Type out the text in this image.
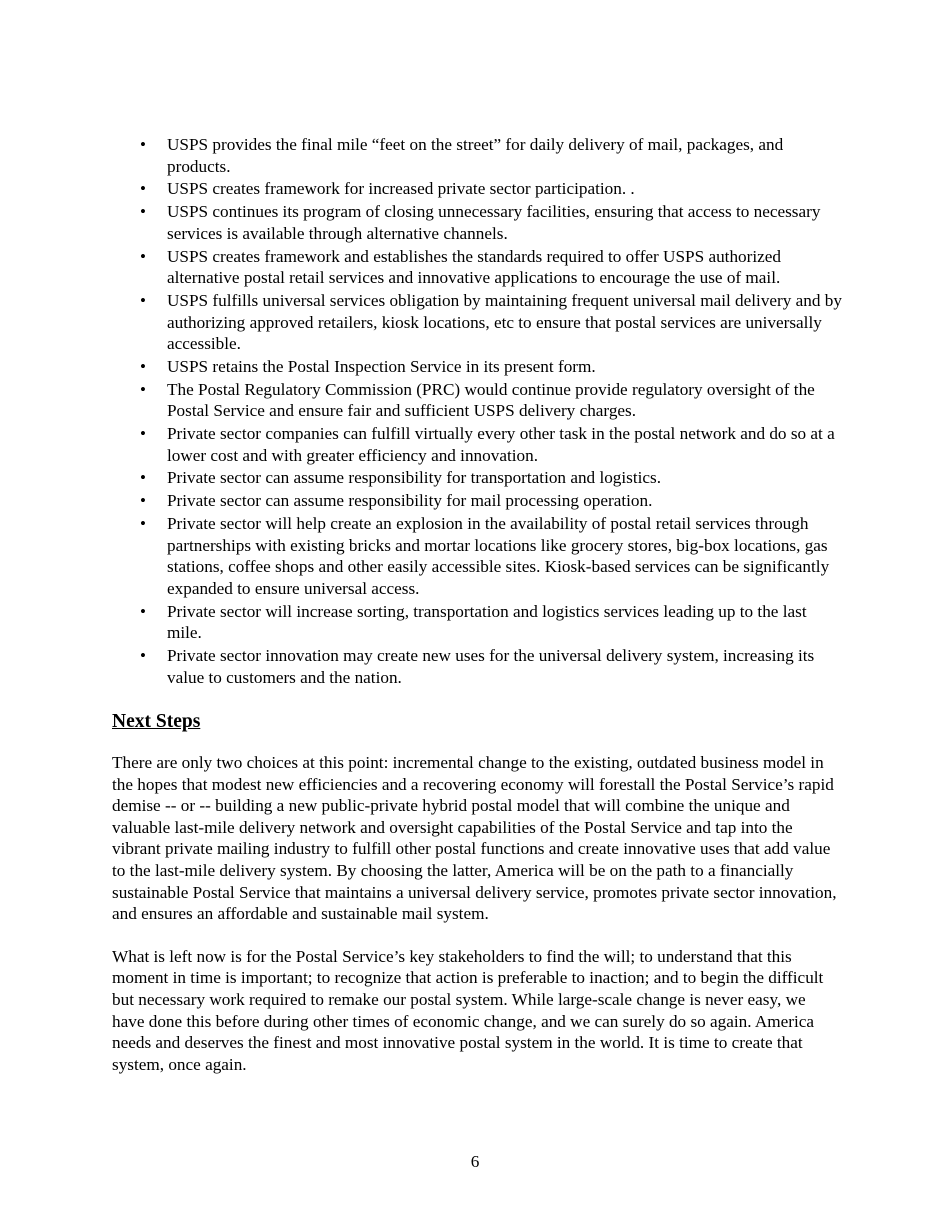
• USPS provides the final mile “feet on the street” for daily delivery of mail, packages, and products.
• USPS creates framework for increased private sector participation. .
• USPS continues its program of closing unnecessary facilities, ensuring that access to necessary services is available through alternative channels.
• USPS creates framework and establishes the standards required to offer USPS authorized alternative postal retail services and innovative applications to encourage the use of mail.
• USPS fulfills universal services obligation by maintaining frequent universal mail delivery and by authorizing approved retailers, kiosk locations, etc to ensure that postal services are universally accessible.
• USPS retains the Postal Inspection Service in its present form.
• The Postal Regulatory Commission (PRC) would continue provide regulatory oversight of the Postal Service and ensure fair and sufficient USPS delivery charges.
• Private sector companies can fulfill virtually every other task in the postal network and do so at a lower cost and with greater efficiency and innovation.
• Private sector can assume responsibility for transportation and logistics.
• Private sector can assume responsibility for mail processing operation.
• Private sector will help create an explosion in the availability of postal retail services through partnerships with existing bricks and mortar locations like grocery stores, big-box locations, gas stations, coffee shops and other easily accessible sites. Kiosk-based services can be significantly expanded to ensure universal access.
• Private sector will increase sorting, transportation and logistics services leading up to the last mile.
• Private sector innovation may create new uses for the universal delivery system, increasing its value to customers and the nation.
Next Steps

There are only two choices at this point: incremental change to the existing, outdated business model in the hopes that modest new efficiencies and a recovering economy will forestall the Postal Service’s rapid demise -- or -- building a new public-private hybrid postal model that will combine the unique and valuable last-mile delivery network and oversight capabilities of the Postal Service and tap into the vibrant private mailing industry to fulfill other postal functions and create innovative uses that add value to the last-mile delivery system. By choosing the latter, America will be on the path to a financially sustainable Postal Service that maintains a universal delivery service, promotes private sector innovation, and ensures an affordable and sustainable mail system.

What is left now is for the Postal Service’s key stakeholders to find the will; to understand that this moment in time is important; to recognize that action is preferable to inaction; and to begin the difficult but necessary work required to remake our postal system. While large-scale change is never easy, we have done this before during other times of economic change, and we can surely do so again. America needs and deserves the finest and most innovative postal system in the world. It is time to create that system, once again.

6
